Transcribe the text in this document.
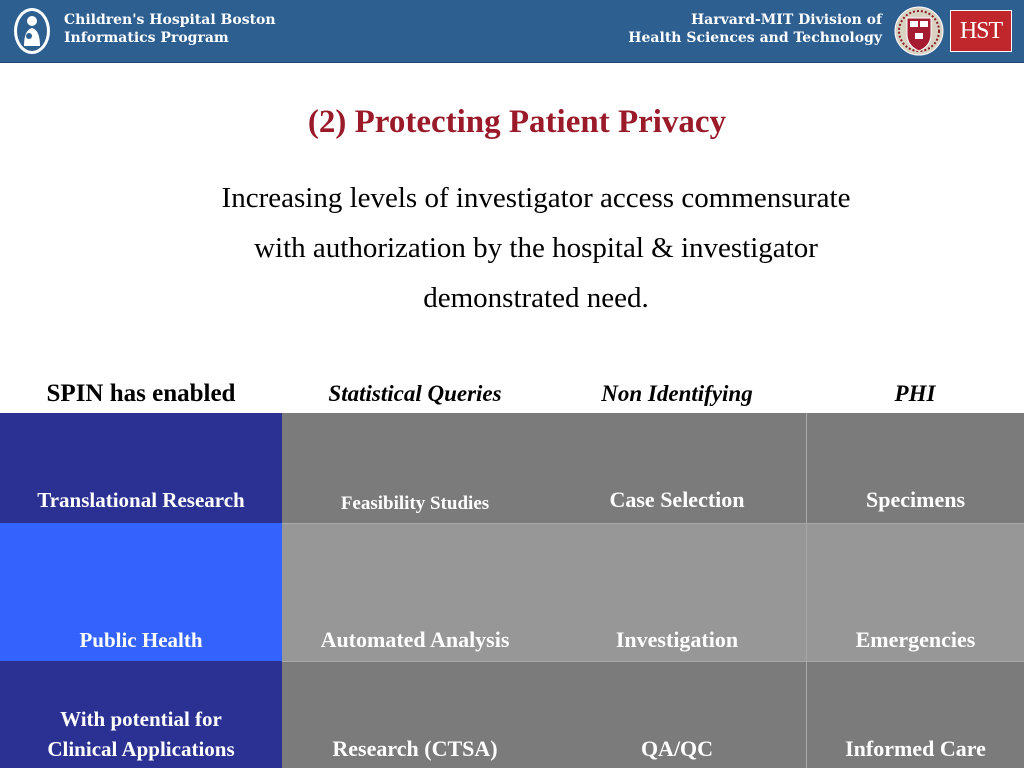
Children's Hospital Boston
Informatics Program
Harvard-MIT Division of
Health Sciences and Technology	HST
(2) Protecting Patient Privacy
Increasing levels of investigator access commensurate
with authorization by the hospital & investigator
demonstrated need.
SPIN has enabled	Statistical Queries	Non Identifying	PHI
Translational Research	Feasibility Studies	Case Selection	Specimens
Public Health	Automated Analysis	Investigation	Emergencies
With potential for
Clinical Applications	Research (CTSA)	QA/QC	Informed Care
